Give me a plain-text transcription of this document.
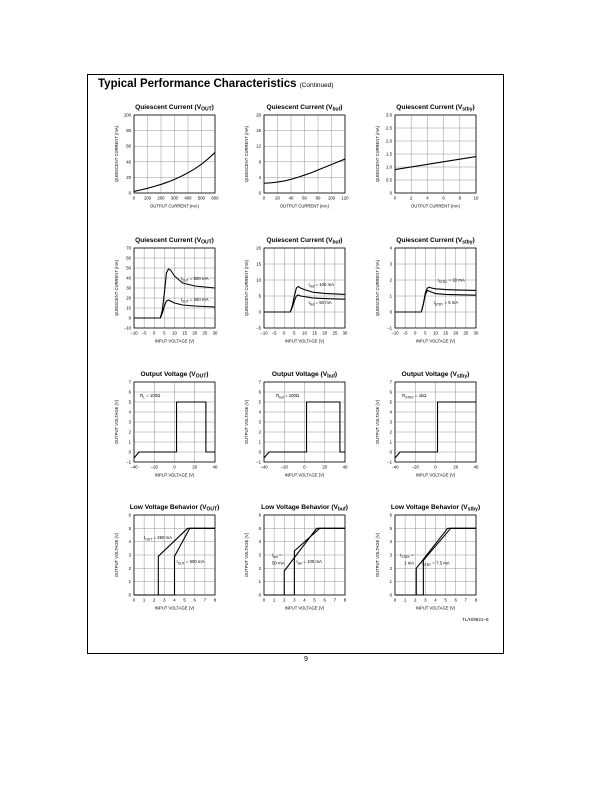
Typical Performance Characteristics (Continued)
Quiescent Current $(V_{OUT})$
0 100 200 300 400 500 600
0
20
40
60
80
100
OUTPUT CURRENT (mA)
QUIESCENT CURRENT (mA)
Quiescent Current $(V_{buf})$
0 20 40 60 80 100 120
0
4
8
12
16
20
OUTPUT CURRENT (mA)
QUIESCENT CURRENT (mA)
Quiescent Current $(V_{stby})$
0	2	4	6	8	10
0
0.5
1.0
1.5
2.0
2.5
3.0
OUTPUT CURRENT (mA)
QUIESCENT CURRENT (mA)
Quiescent Current $(V_{OUT})$
−10 −5 0 5 10 15 20 25 30
−10
0
10
20
30
40
50
60
70
INPUT VOLTAGE (V)
QUIESCENT CURRENT (mA)	$I_{OUT} = 500$ mA
$I_{OUT} = 250$ mA
Quiescent Current $(V_{buf})$
−10 −5 0 5 10 15 20 25 30
−5
0
5
10
15
20
INPUT VOLTAGE (V)
QUIESCENT CURRENT (mA)	$I_{buf} = 100$ mA
$I_{buf} = 50$ mA
Quiescent Current $(V_{stby})$
−10 −5 0 5 10 15 20 25 30
−1
0
1
2
3
4
INPUT VOLTAGE (V)
QUIESCENT CURRENT (mA)	$I_{STBY} = 10$ mA
$I_{STBY} = 5$ mA
Output Voltage $(V_{OUT})$
−40	−20	0	20	40
−1
0
1
2
3
4
5
6
7
INPUT VOLTAGE (V)
OUTPUT VOLTAGE (V)
$R_L = 100\Omega$
Output Voltage $(V_{buf})$
−40	−20	0	20	40
−1
0
1
2
3
4
5
6
7
INPUT VOLTAGE (V)
OUTPUT VOLTAGE (V)
$R_{buf} = 100\Omega$
Output Voltage $(V_{stby})$
−40	−20	0	20	40
−1
0
1
2
3
4
5
6
7
INPUT VOLTAGE (V)
OUTPUT VOLTAGE (V)
$R_{STBY} = 1k\Omega$
Low Voltage Behavior $(V_{OUT})$
0 1 2 3 4 5 6 7 8
0
1
2
3
4
5
6
INPUT VOLTAGE (V)
OUTPUT VOLTAGE (V)	$I_{OUT} = 250$ mA
$I_{OUT} = 500$ mA
Low Voltage Behavior $(V_{buf})$
0 1 2 3 4 5 6 7 8
0
1
2
3
4
5
6
INPUT VOLTAGE (V)
OUTPUT VOLTAGE (V)	$I_{buf}$ =
50 mA	$I_{buf} = 100$ mA
Low Voltage Behavior $(V_{stby})$
0 1 2 3 4 5 6 7 8
0
1
2
3
4
5
6
INPUT VOLTAGE (V)
OUTPUT VOLTAGE (V)	$I_{STBY}$ =
1 mA $I_{STBY} = 7.5$ mA
TL/H/9821–8
9
